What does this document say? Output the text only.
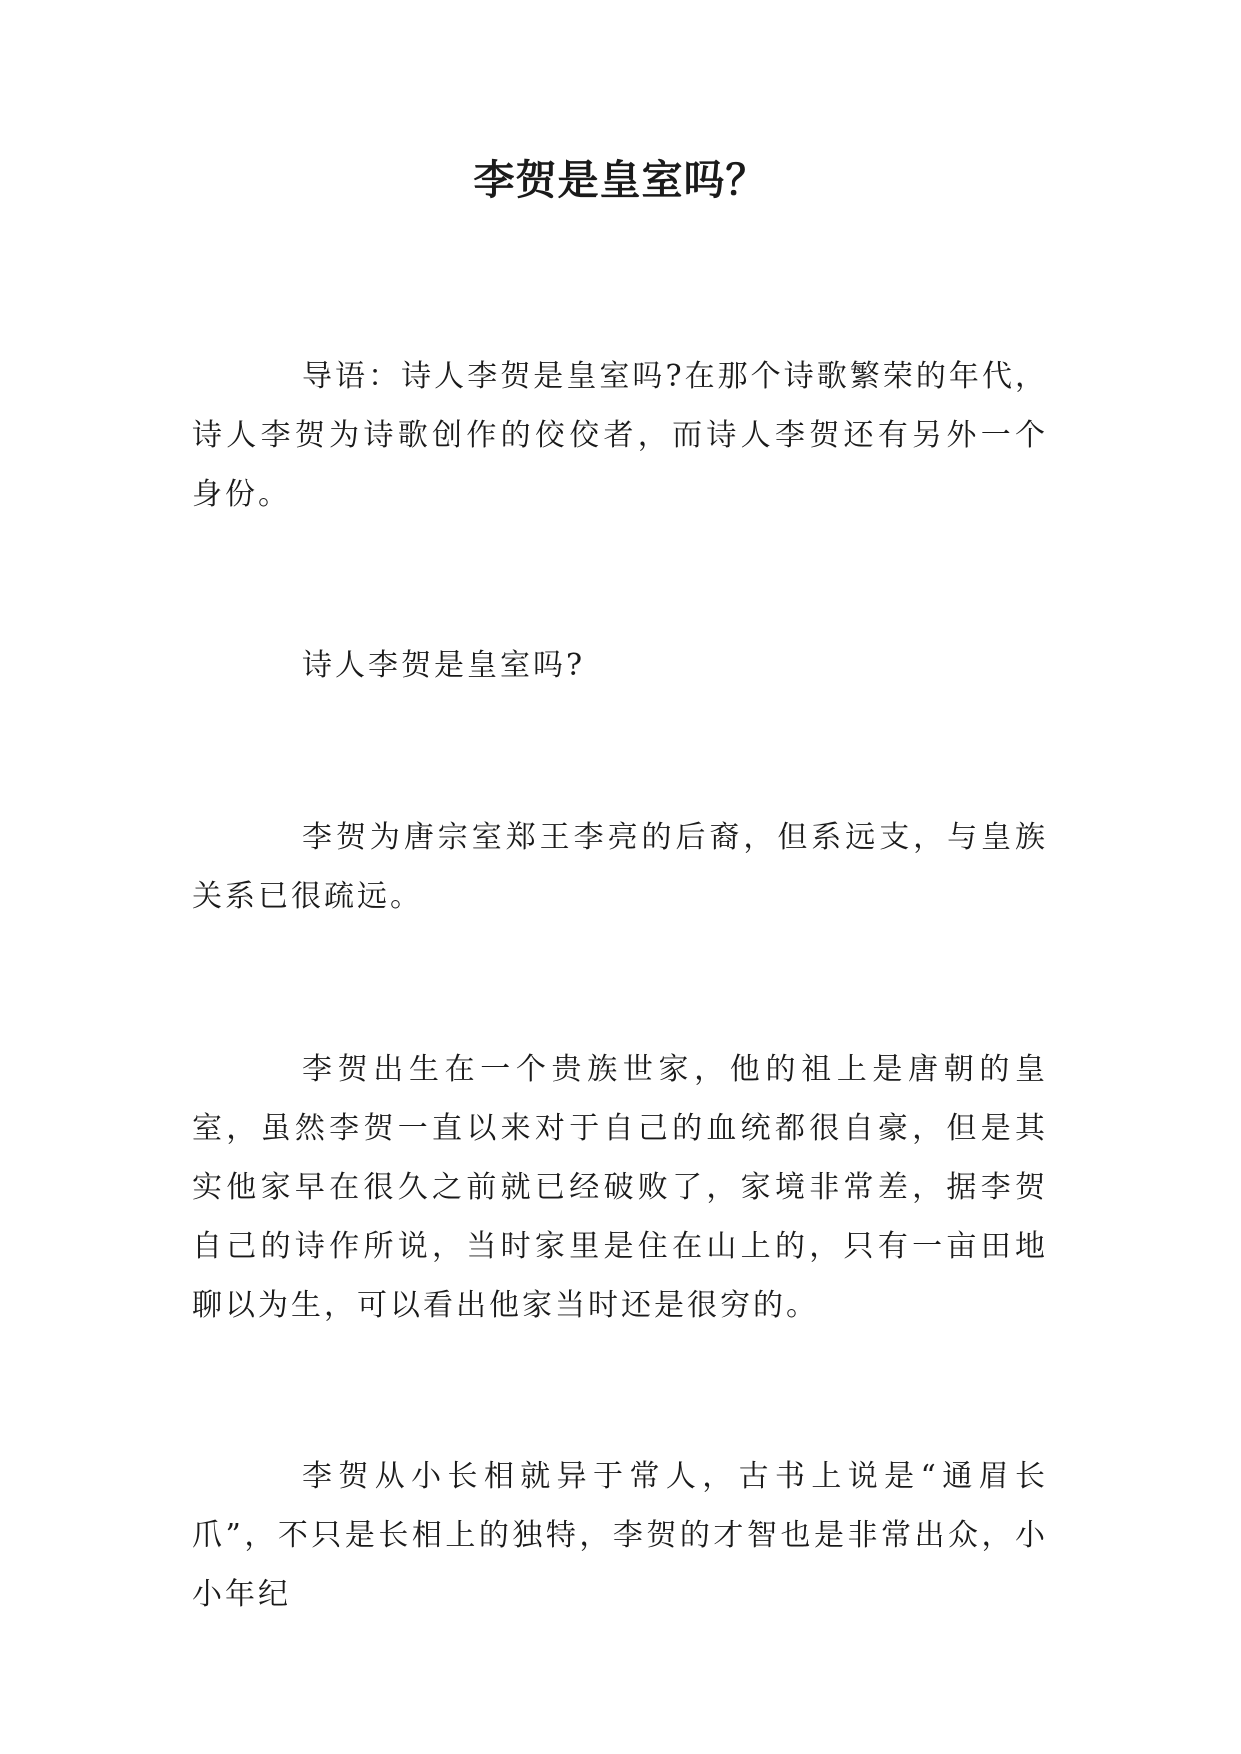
李贺是皇室吗？

导语：诗人李贺是皇室吗?在那个诗歌繁荣的年代，诗人李贺为诗歌创作的佼佼者，而诗人李贺还有另外一个身份。

诗人李贺是皇室吗?

李贺为唐宗室郑王李亮的后裔，但系远支，与皇族关系已很疏远。

李贺出生在一个贵族世家，他的祖上是唐朝的皇室，虽然李贺一直以来对于自己的血统都很自豪，但是其实他家早在很久之前就已经破败了，家境非常差，据李贺自己的诗作所说，当时家里是住在山上的，只有一亩田地聊以为生，可以看出他家当时还是很穷的。

李贺从小长相就异于常人，古书上说是“通眉长爪”，不只是长相上的独特，李贺的才智也是非常出众，小小年纪
